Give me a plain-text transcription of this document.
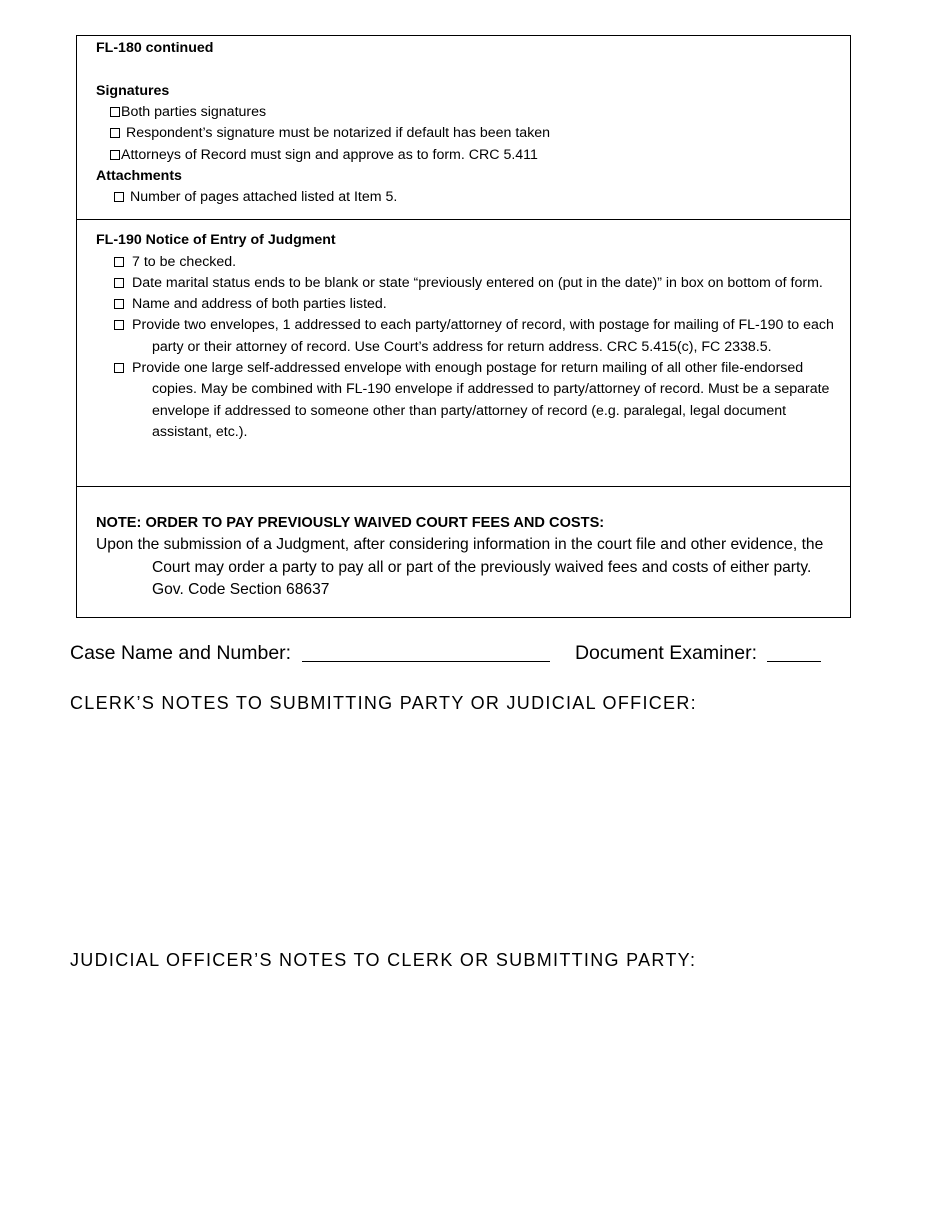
FL-180 continued
Signatures
Both parties signatures
Respondent’s signature must be notarized if default has been taken
Attorneys of Record must sign and approve as to form. CRC 5.411
Attachments
Number of pages attached listed at Item 5.
FL-190 Notice of Entry of Judgment
7 to be checked.
Date marital status ends to be blank or state “previously entered on (put in the date)” in box on bottom of form.
Name and address of both parties listed.
Provide two envelopes, 1 addressed to each party/attorney of record, with postage for mailing of FL-190 to each party or their attorney of record. Use Court’s address for return address. CRC 5.415(c), FC 2338.5.
Provide one large self-addressed envelope with enough postage for return mailing of all other file-endorsed copies. May be combined with FL-190 envelope if addressed to party/attorney of record. Must be a separate envelope if addressed to someone other than party/attorney of record (e.g. paralegal, legal document assistant, etc.).
NOTE: ORDER TO PAY PREVIOUSLY WAIVED COURT FEES AND COSTS:
Upon the submission of a Judgment, after considering information in the court file and other evidence, the Court may order a party to pay all or part of the previously waived fees and costs of either party. Gov. Code Section 68637
Case Name and Number:	Document Examiner:
CLERK’S NOTES TO SUBMITTING PARTY OR JUDICIAL OFFICER:
JUDICIAL OFFICER’S NOTES TO CLERK OR SUBMITTING PARTY:
